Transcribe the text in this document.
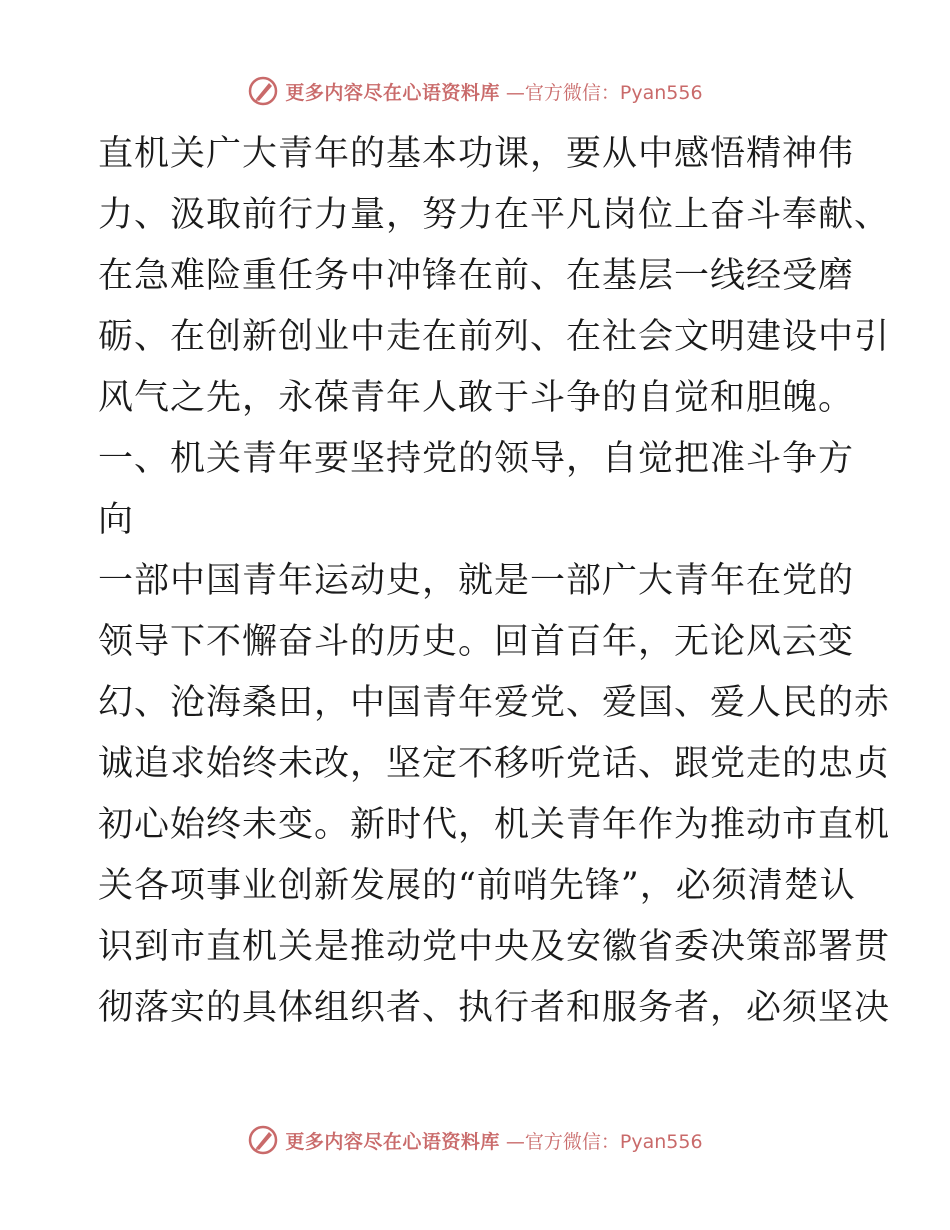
更多内容尽在心语资料库 —官方微信：Pyan556
直机关广大青年的基本功课，要从中感悟精神伟
力、汲取前行力量，努力在平凡岗位上奋斗奉献、
在急难险重任务中冲锋在前、在基层一线经受磨
砺、在创新创业中走在前列、在社会文明建设中引
风气之先，永葆青年人敢于斗争的自觉和胆魄。
一、机关青年要坚持党的领导，自觉把准斗争方
向
一部中国青年运动史，就是一部广大青年在党的
领导下不懈奋斗的历史。回首百年，无论风云变
幻、沧海桑田，中国青年爱党、爱国、爱人民的赤
诚追求始终未改，坚定不移听党话、跟党走的忠贞
初心始终未变。新时代，机关青年作为推动市直机
关各项事业创新发展的“前哨先锋”，必须清楚认
识到市直机关是推动党中央及安徽省委决策部署贯
彻落实的具体组织者、执行者和服务者，必须坚决
更多内容尽在心语资料库 —官方微信：Pyan556
